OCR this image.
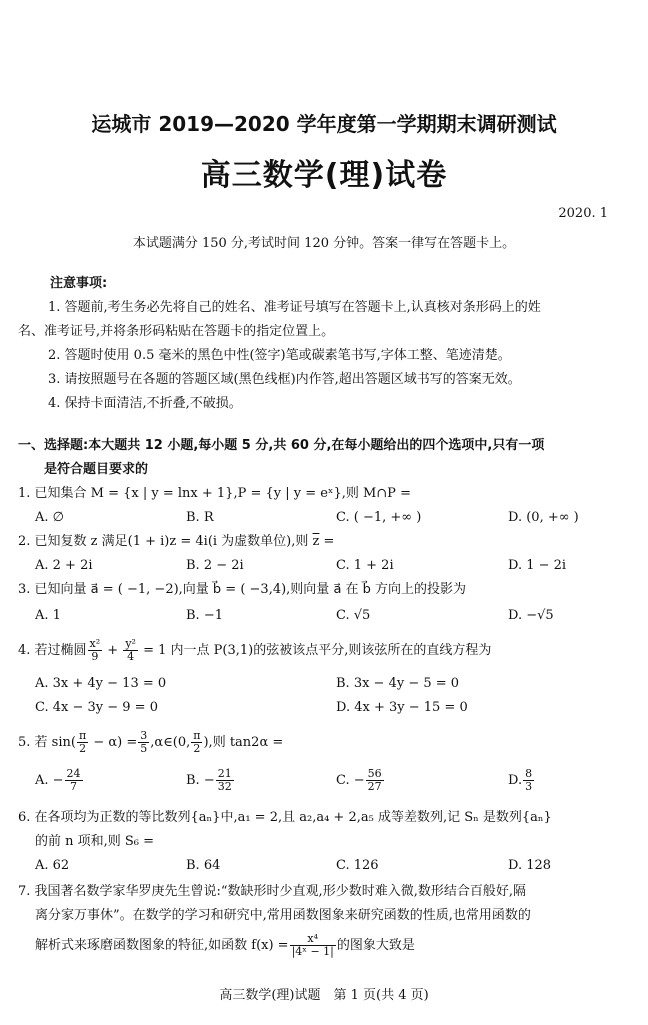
运城市 2019—2020 学年度第一学期期末调研测试
高三数学(理)试卷
2020. 1
本试题满分 150 分,考试时间 120 分钟。答案一律写在答题卡上。
注意事项:
1. 答题前,考生务必先将自己的姓名、准考证号填写在答题卡上,认真核对条形码上的姓
名、准考证号,并将条形码粘贴在答题卡的指定位置上。
2. 答题时使用 0.5 毫米的黑色中性(签字)笔或碳素笔书写,字体工整、笔迹清楚。
3. 请按照题号在各题的答题区域(黑色线框)内作答,超出答题区域书写的答案无效。
4. 保持卡面清洁,不折叠,不破损。
一、选择题:本大题共 12 小题,每小题 5 分,共 60 分,在每小题给出的四个选项中,只有一项
是符合题目要求的
1. 已知集合 M = {x | y = lnx + 1},P = {y | y = eˣ},则 M∩P =
A. ∅	B. R	C. ( −1, +∞ )	D. (0, +∞ )
2. 已知复数 z 满足(1 + i)z = 4i(i 为虚数单位),则 $\overline{z}$ =
A. 2 + 2i	B. 2 − 2i	C. 1 + 2i	D. 1 − 2i
3. 已知向量 a⃗ = ( −1, −2),向量 b⃗ = ( −3,4),则向量 a⃗ 在 b⃗ 方向上的投影为
A. 1	B. −1	C. √5	D. −√5
4. 若过椭圆 $\frac{\text{x²}}{9} + \frac{\text{y²}}{4} = 1$ 内一点 P(3,1)的弦被该点平分,则该弦所在的直线方程为
A. 3x + 4y − 13 = 0	B. 3x − 4y − 5 = 0
C. 4x − 3y − 9 = 0	D. 4x + 3y − 15 = 0
5. 若 $\sin( \frac{\pi}{2} - \alpha) = \frac{3}{5}$ ,α∈(0, $\frac{\pi}{2}$ ),则 tan2α =
A. − $\frac{24}{7}$	B. − $\frac{21}{32}$	C. − $\frac{56}{27}$	D. $\frac{8}{3}$
6. 在各项均为正数的等比数列{aₙ}中,a₁ = 2,且 a₂,a₄ + 2,a₅ 成等差数列,记 Sₙ 是数列{aₙ}
的前 n 项和,则 S₆ =
A. 62	B. 64	C. 126	D. 128
7. 我国著名数学家华罗庚先生曾说:“数缺形时少直观,形少数时难入微,数形结合百般好,隔
离分家万事休”。在数学的学习和研究中,常用函数图象来研究函数的性质,也常用函数的
解析式来琢磨函数图象的特征,如函数 $f(x) = \frac{\text{x⁴}}{\text{|4ˣ − 1|}}$ 的图象大致是
高三数学(理)试题　第 1 页(共 4 页)
